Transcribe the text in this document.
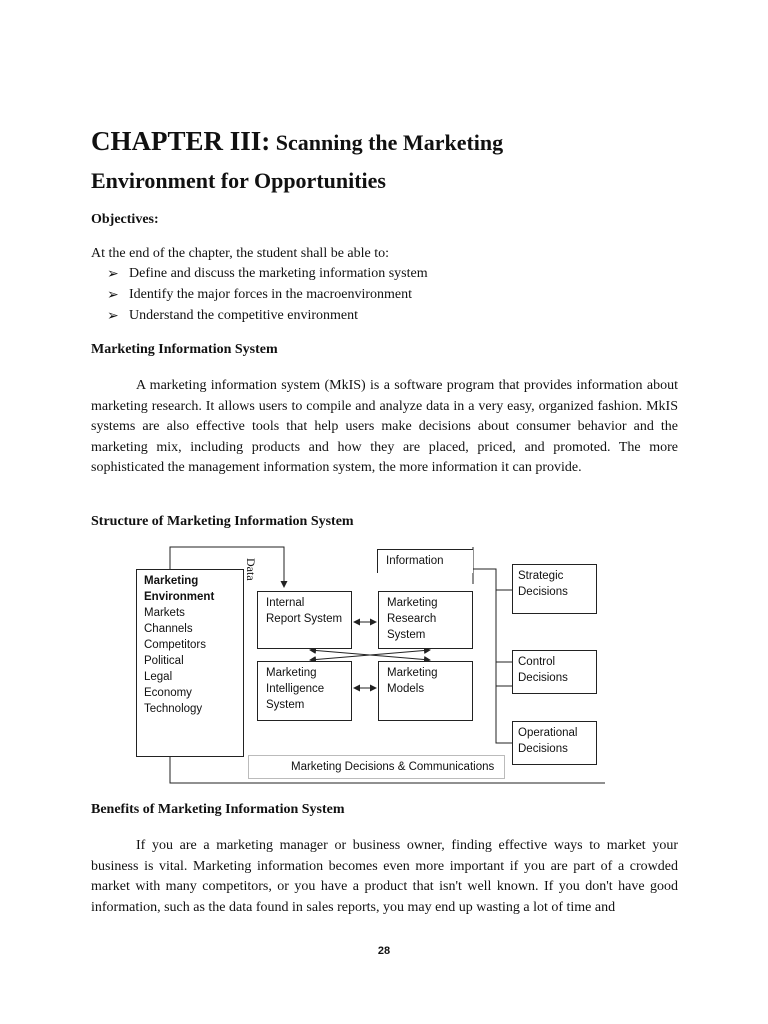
CHAPTER III: Scanning the Marketing
Environment for Opportunities
Objectives:
At the end of the chapter, the student shall be able to:
➢ Define and discuss the marketing information system
➢ Identify the major forces in the macroenvironment
➢ Understand the competitive environment
Marketing Information System
A marketing information system (MkIS) is a software program that provides information about marketing research. It allows users to compile and analyze data in a very easy, organized fashion. MkIS systems are also effective tools that help users make decisions about consumer behavior and the marketing mix, including products and how they are placed, priced, and promoted. The more sophisticated the management information system, the more information it can provide.
Structure of Marketing Information System
Marketing
Environment
Markets
Channels
Competitors
Political
Legal
Economy
Technology
Data	Information
Internal
Report System
Marketing
Research
System
Marketing
Intelligence
System
Marketing
Models
Strategic
Decisions
Control
Decisions
Operational
Decisions
Marketing Decisions & Communications
Benefits of Marketing Information System
If you are a marketing manager or business owner, finding effective ways to market your business is vital. Marketing information becomes even more important if you are part of a crowded market with many competitors, or you have a product that isn't well known. If you don't have good information, such as the data found in sales reports, you may end up wasting a lot of time and
28
